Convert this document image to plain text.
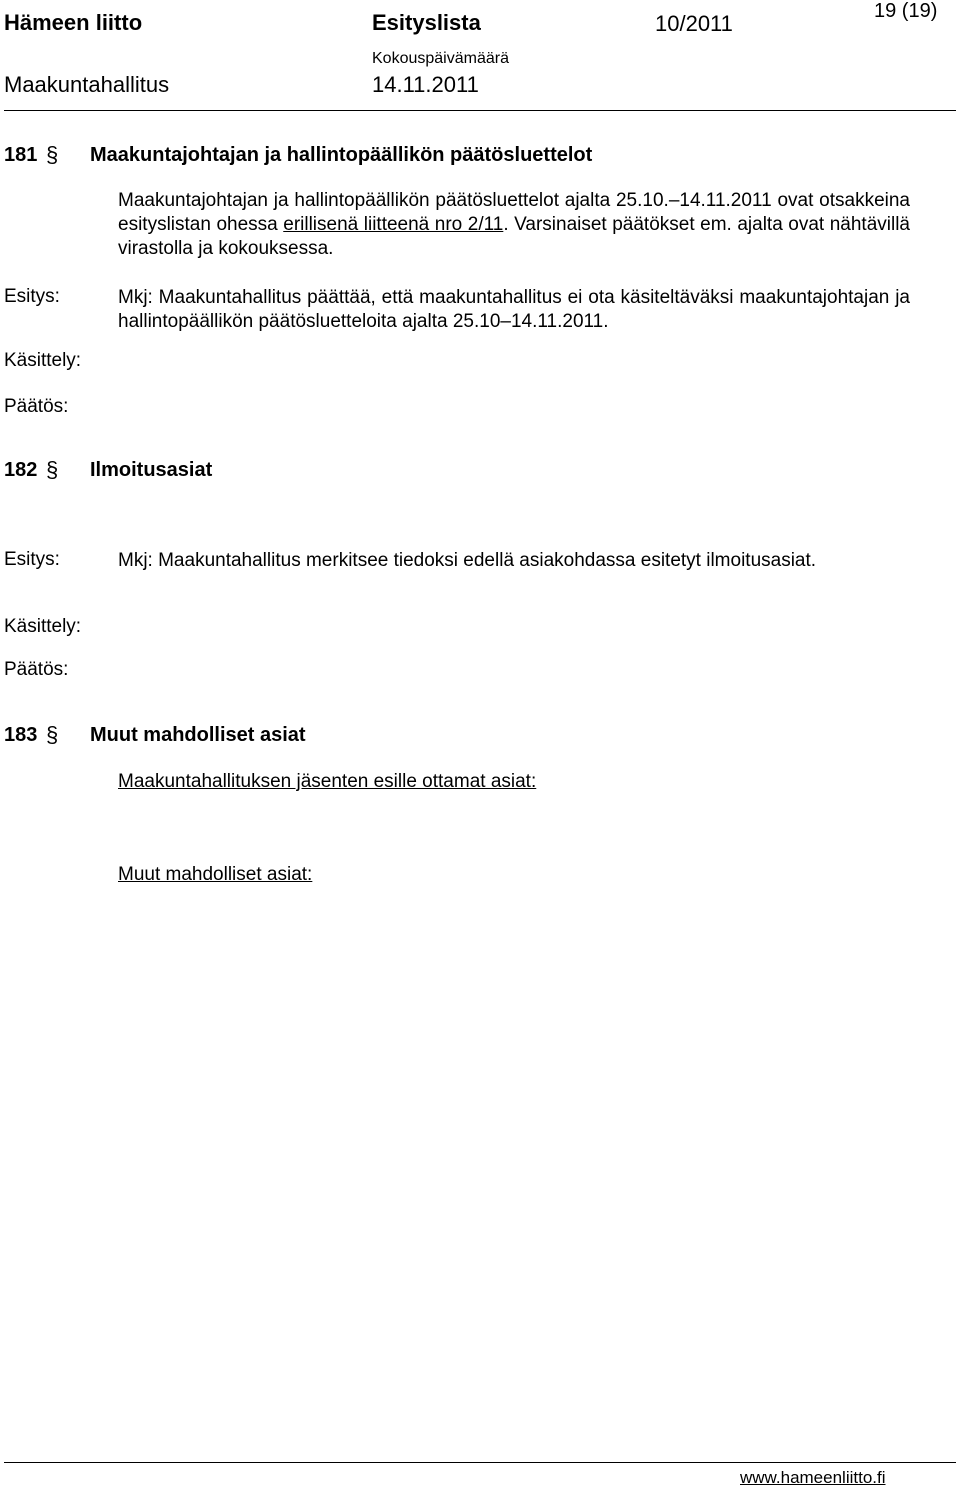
Hämeen liitto	Esityslista	10/2011	19 (19)
Kokouspäivämäärä
Maakuntahallitus	14.11.2011
181 § Maakuntajohtajan ja hallintopäällikön päätösluettelot
Maakuntajohtajan ja hallintopäällikön päätösluettelot ajalta 25.10.–14.11.2011 ovat otsakkeina esityslistan ohessa erillisenä liitteenä nro 2/11. Varsinaiset päätökset em. ajalta ovat nähtävillä virastolla ja kokouksessa.
Esitys:	Mkj: Maakuntahallitus päättää, että maakuntahallitus ei ota käsiteltäväksi maakuntajohtajan ja hallintopäällikön päätösluetteloita ajalta 25.10–14.11.2011.
Käsittely:
Päätös:
182 § Ilmoitusasiat
Esitys:	Mkj: Maakuntahallitus merkitsee tiedoksi edellä asiakohdassa esitetyt ilmoitusasiat.
Käsittely:
Päätös:
183 § Muut mahdolliset asiat
Maakuntahallituksen jäsenten esille ottamat asiat:
Muut mahdolliset asiat:
www.hameenliitto.fi
